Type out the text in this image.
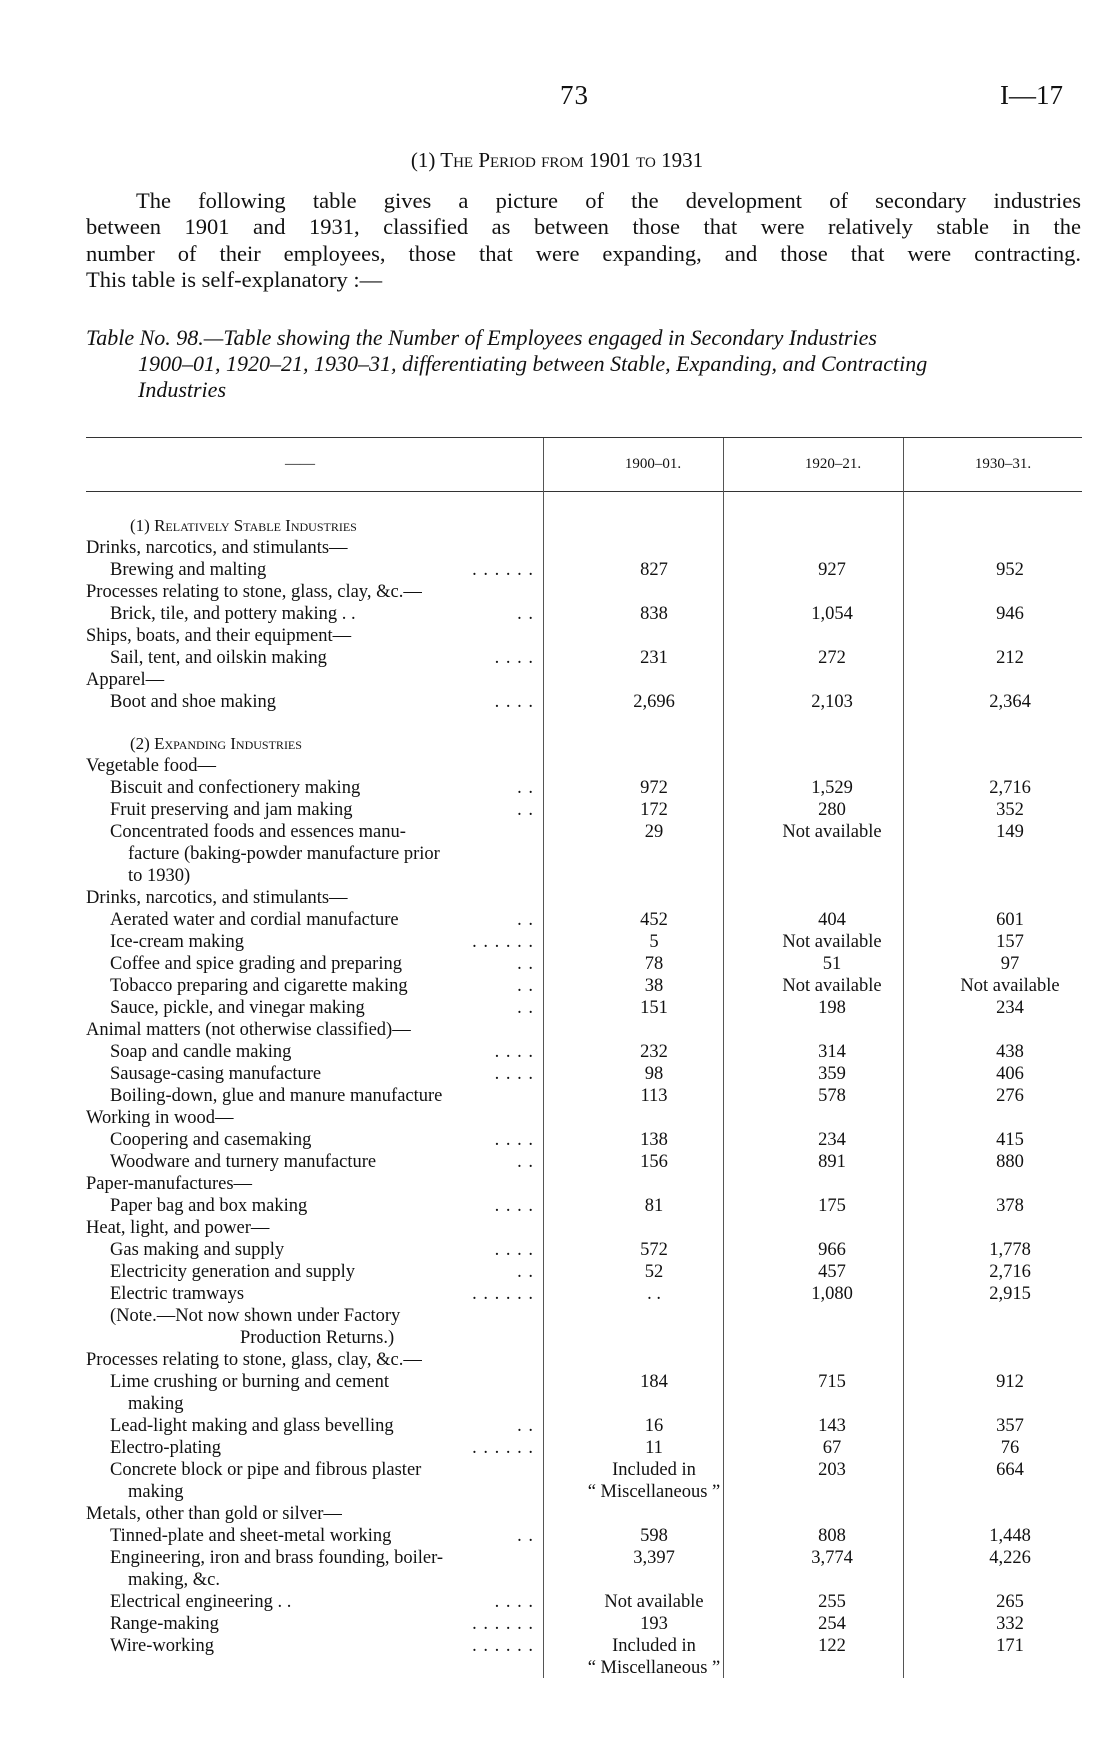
73	I—17
(1) The Period from 1901 to 1931
The following table gives a picture of the development of secondary industries
between 1901 and 1931, classified as between those that were relatively stable in the
number of their employees, those that were expanding, and those that were contracting.
This table is self-explanatory :—
Table No. 98.—Table showing the Number of Employees engaged in Secondary Industries
1900–01, 1920–21, 1930–31, differentiating between Stable, Expanding, and Contracting
Industries
——	1900–01.	1920–21.	1930–31.
(1) Relatively Stable Industries
Drinks, narcotics, and stimulants—
Brewing and malting	. . . . . .	827	927	952
Processes relating to stone, glass, clay, &c.—
Brick, tile, and pottery making . .	. .	838	1,054	946
Ships, boats, and their equipment—
Sail, tent, and oilskin making	. . . .	231	272	212
Apparel—
Boot and shoe making	. . . .	2,696	2,103	2,364
(2) Expanding Industries
Vegetable food—
Biscuit and confectionery making	. .	972	1,529	2,716
Fruit preserving and jam making	. .	172	280	352
Concentrated foods and essences manu-	29	Not available	149
facture (baking-powder manufacture prior
to 1930)
Drinks, narcotics, and stimulants—
Aerated water and cordial manufacture	. .	452	404	601
Ice-cream making	. . . . . .	5	Not available	157
Coffee and spice grading and preparing	. .	78	51	97
Tobacco preparing and cigarette making	. .	38	Not available	Not available
Sauce, pickle, and vinegar making	. .	151	198	234
Animal matters (not otherwise classified)—
Soap and candle making	. . . .	232	314	438
Sausage-casing manufacture	. . . .	98	359	406
Boiling-down, glue and manure manufacture	113	578	276
Working in wood—
Coopering and casemaking	. . . .	138	234	415
Woodware and turnery manufacture	. .	156	891	880
Paper-manufactures—
Paper bag and box making	. . . .	81	175	378
Heat, light, and power—
Gas making and supply	. . . .	572	966	1,778
Electricity generation and supply	. .	52	457	2,716
Electric tramways	. . . . . .	. .	1,080	2,915
(Note.—Not now shown under Factory
Production Returns.)
Processes relating to stone, glass, clay, &c.—
Lime crushing or burning and cement	184	715	912
making
Lead-light making and glass bevelling	. .	16	143	357
Electro-plating	. . . . . .	11	67	76
Concrete block or pipe and fibrous plaster	Included in	203	664
making	“ Miscellaneous ”
Metals, other than gold or silver—
Tinned-plate and sheet-metal working	. .	598	808	1,448
Engineering, iron and brass founding, boiler-	3,397	3,774	4,226
making, &c.
Electrical engineering . .	. . . .	Not available	255	265
Range-making	. . . . . .	193	254	332
Wire-working	. . . . . .	Included in	122	171
“ Miscellaneous ”
